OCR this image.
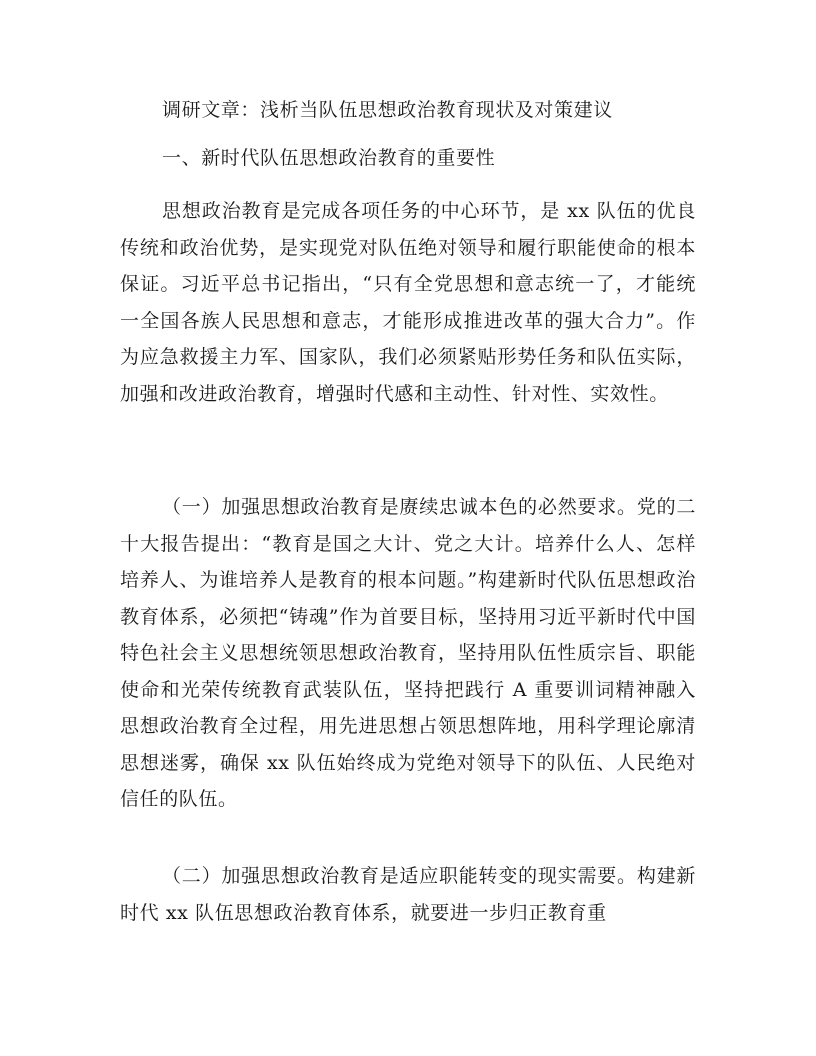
调研文章：浅析当队伍思想政治教育现状及对策建议
一、新时代队伍思想政治教育的重要性
思想政治教育是完成各项任务的中心环节，是 xx 队伍的优良传统和政治优势，是实现党对队伍绝对领导和履行职能使命的根本保证。习近平总书记指出，“只有全党思想和意志统一了，才能统一全国各族人民思想和意志，才能形成推进改革的强大合力”。作为应急救援主力军、国家队，我们必须紧贴形势任务和队伍实际，加强和改进政治教育，增强时代感和主动性、针对性、实效性。
（一）加强思想政治教育是赓续忠诚本色的必然要求。党的二十大报告提出：“教育是国之大计、党之大计。培养什么人、怎样培养人、为谁培养人是教育的根本问题。”构建新时代队伍思想政治教育体系，必须把“铸魂”作为首要目标，坚持用习近平新时代中国特色社会主义思想统领思想政治教育，坚持用队伍性质宗旨、职能使命和光荣传统教育武装队伍，坚持把践行 A 重要训词精神融入思想政治教育全过程，用先进思想占领思想阵地，用科学理论廓清思想迷雾，确保 xx 队伍始终成为党绝对领导下的队伍、人民绝对信任的队伍。
（二）加强思想政治教育是适应职能转变的现实需要。构建新时代 xx 队伍思想政治教育体系，就要进一步归正教育重
